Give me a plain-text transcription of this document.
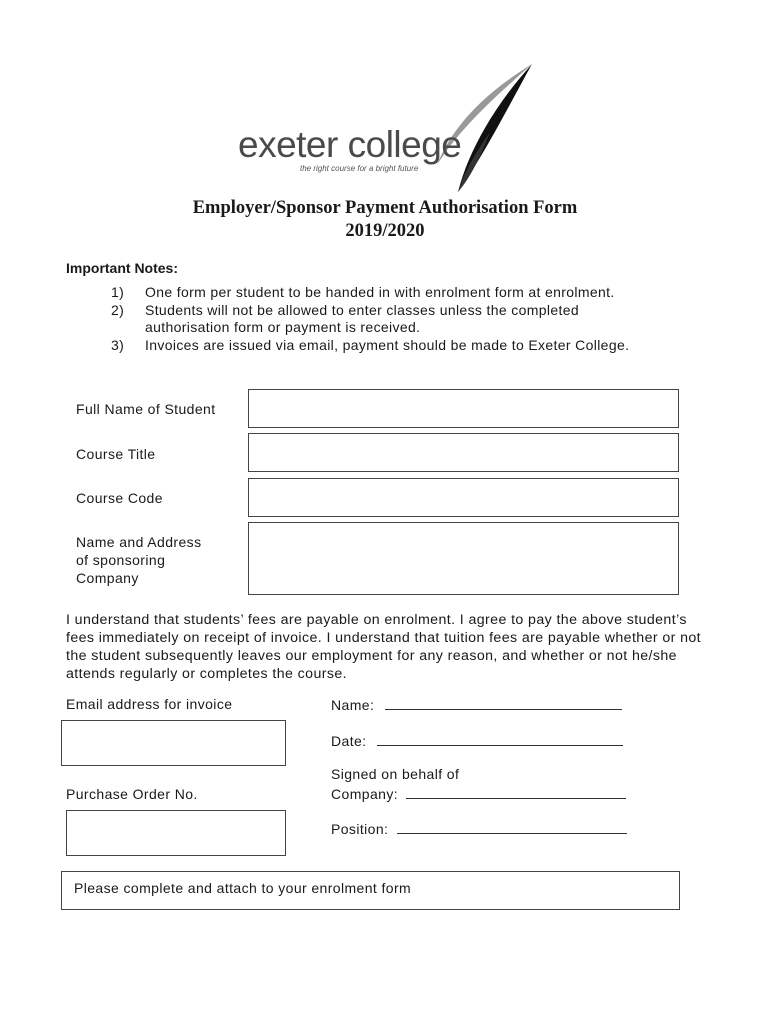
exeter college
the right course for a bright future
Employer/Sponsor Payment Authorisation Form
2019/2020
Important Notes:
1)	One form per student to be handed in with enrolment form at enrolment.
2)	Students will not be allowed to enter classes unless the completed authorisation form or payment is received.
3)	Invoices are issued via email, payment should be made to Exeter College.
Full Name of Student
Course Title
Course Code
Name and Address
of sponsoring
Company
I understand that students’ fees are payable on enrolment. I agree to pay the above student’s fees immediately on receipt of invoice. I understand that tuition fees are payable whether or not the student subsequently leaves our employment for any reason, and whether or not he/she attends regularly or completes the course.
Email address for invoice
Purchase Order No.
Name:
Date:
Signed on behalf of
Company:
Position:
Please complete and attach to your enrolment form
